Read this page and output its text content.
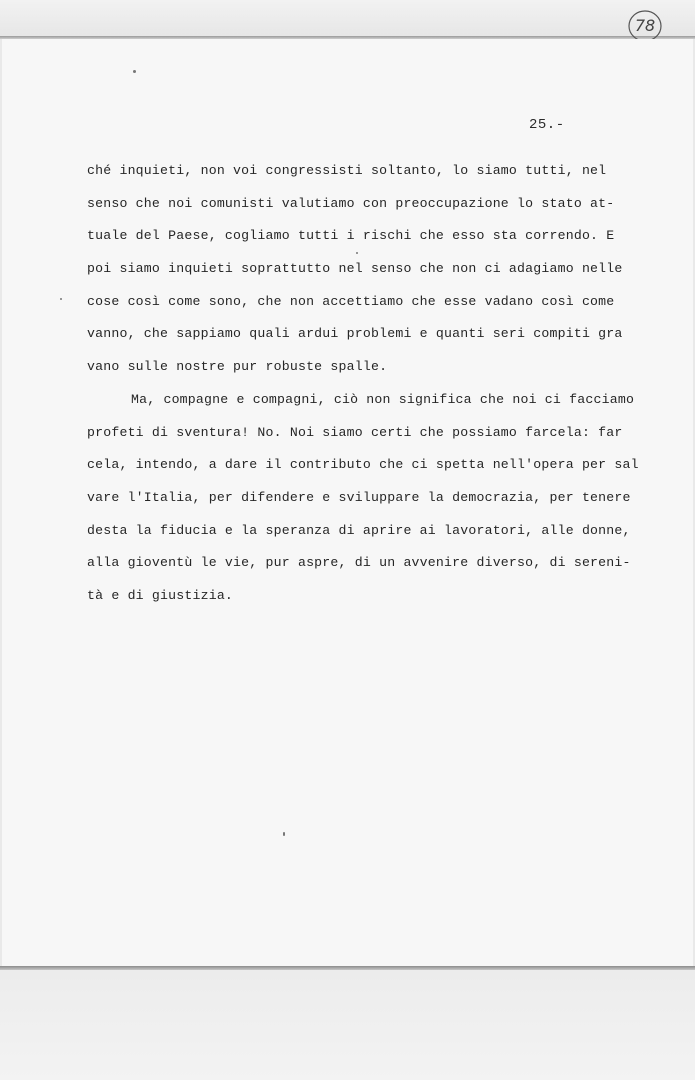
78
25.-
ché inquieti, non voi congressisti soltanto, lo siamo tutti, nel
senso che noi comunisti valutiamo con preoccupazione lo stato at-
tuale del Paese, cogliamo tutti i rischi che esso sta correndo. E
poi siamo inquieti soprattutto nel senso che non ci adagiamo nelle
cose così come sono, che non accettiamo che esse vadano così come
vanno, che sappiamo quali ardui problemi e quanti seri compiti gra
vano sulle nostre pur robuste spalle.
Ma, compagne e compagni, ciò non significa che noi ci facciamo
profeti di sventura! No. Noi siamo certi che possiamo farcela: far
cela, intendo, a dare il contributo che ci spetta nell'opera per sal
vare l'Italia, per difendere e sviluppare la democrazia, per tenere
desta la fiducia e la speranza di aprire ai lavoratori, alle donne,
alla gioventù le vie, pur aspre, di un avvenire diverso, di sereni-
tà e di giustizia.
